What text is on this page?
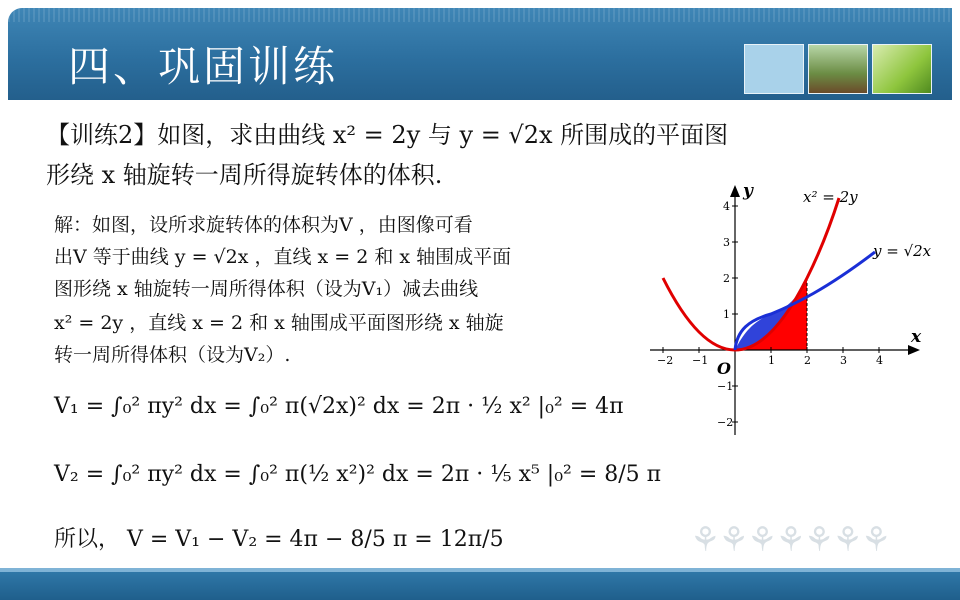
四、巩固训练
【训练2】如图，求由曲线 x² = 2y 与 y = √2x 所围成的平面图
形绕 x 轴旋转一周所得旋转体的体积.
解：如图，设所求旋转体的体积为V ，由图像可看
出V 等于曲线 y = √2x ，直线 x = 2 和 x 轴围成平面
图形绕 x 轴旋转一周所得体积（设为V₁）减去曲线
x² = 2y ，直线 x = 2 和 x 轴围成平面图形绕 x 轴旋
转一周所得体积（设为V₂）.
V₁ = ∫₀² πy² dx = ∫₀² π(√2x)² dx = 2π · ½ x² |₀² = 4π
V₂ = ∫₀² πy² dx = ∫₀² π(½ x²)² dx = 2π · ⅕ x⁵ |₀² = 8/5 π
所以， V = V₁ − V₂ = 4π − 8/5 π = 12π/5
−2 −1	1	2	3	4
4
3
2
1
−1
−2
y
x
O
x² = 2y
y = √2x
⚘⚘⚘⚘⚘⚘⚘
